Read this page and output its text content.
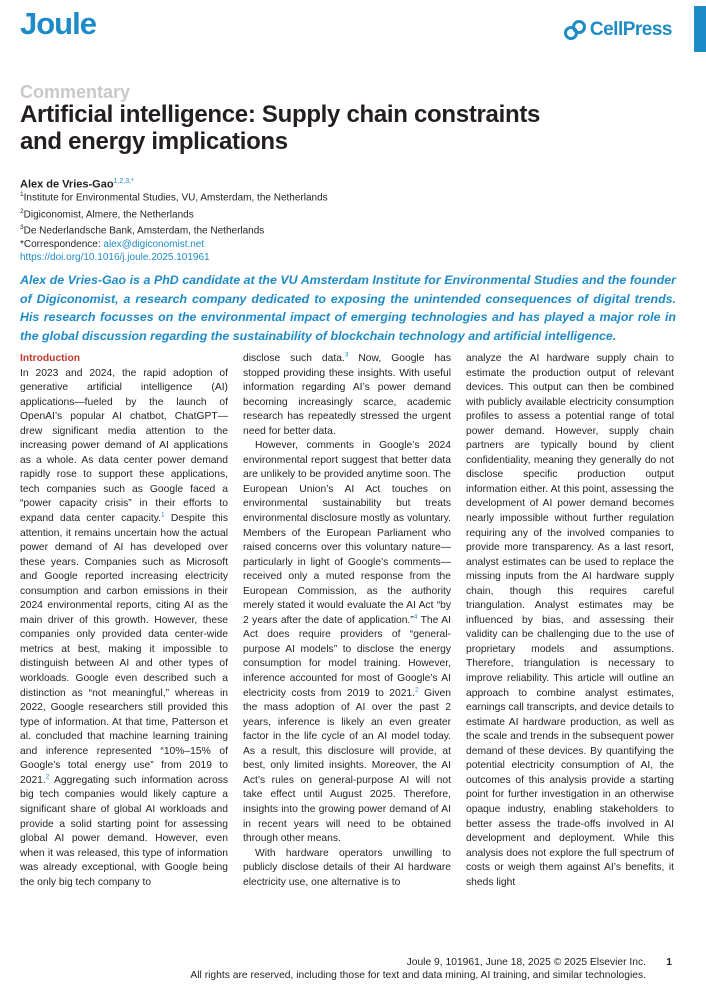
Joule	CellPress
Commentary
Artificial intelligence: Supply chain constraints and energy implications
Alex de Vries-Gao$^{1,2,3,*}$
$^1$Institute for Environmental Studies, VU, Amsterdam, the Netherlands
$^2$Digiconomist, Almere, the Netherlands
$^3$De Nederlandsche Bank, Amsterdam, the Netherlands
*Correspondence: alex@digiconomist.net
https://doi.org/10.1016/j.joule.2025.101961
Alex de Vries-Gao is a PhD candidate at the VU Amsterdam Institute for Environmental Studies and the founder of Digiconomist, a research company dedicated to exposing the unintended consequences of digital trends. His research focusses on the environmental impact of emerging technologies and has played a major role in the global discussion regarding the sustainability of blockchain technology and artificial intelligence.
Introduction

In 2023 and 2024, the rapid adoption of generative artificial intelligence (AI) applications—fueled by the launch of OpenAI’s popular AI chatbot, ChatGPT—drew significant media attention to the increasing power demand of AI applications as a whole. As data center power demand rapidly rose to support these applications, tech companies such as Google faced a “power capacity crisis” in their efforts to expand data center capacity.$^1$ Despite this attention, it remains uncertain how the actual power demand of AI has developed over these years. Companies such as Microsoft and Google reported increasing electricity consumption and carbon emissions in their 2024 environmental reports, citing AI as the main driver of this growth. However, these companies only provided data center-wide metrics at best, making it impossible to distinguish between AI and other types of workloads. Google even described such a distinction as “not meaningful,” whereas in 2022, Google researchers still provided this type of information. At that time, Patterson et al. concluded that machine learning training and inference represented “10%–15% of Google’s total energy use” from 2019 to 2021.$^2$ Aggregating such information across big tech companies would likely capture a significant share of global AI workloads and provide a solid starting point for assessing global AI power demand. However, even when it was released, this type of information was already exceptional, with Google being the only big tech company to

disclose such data.$^3$ Now, Google has stopped providing these insights. With useful information regarding AI’s power demand becoming increasingly scarce, academic research has repeatedly stressed the urgent need for better data.

However, comments in Google’s 2024 environmental report suggest that better data are unlikely to be provided anytime soon. The European Union’s AI Act touches on environmental sustainability but treats environmental disclosure mostly as voluntary. Members of the European Parliament who raised concerns over this voluntary nature—particularly in light of Google’s comments—received only a muted response from the European Commission, as the authority merely stated it would evaluate the AI Act “by 2 years after the date of application.”$^4$ The AI Act does require providers of “general-purpose AI models” to disclose the energy consumption for model training. However, inference accounted for most of Google’s AI electricity costs from 2019 to 2021.$^2$ Given the mass adoption of AI over the past 2 years, inference is likely an even greater factor in the life cycle of an AI model today. As a result, this disclosure will provide, at best, only limited insights. Moreover, the AI Act’s rules on general-purpose AI will not take effect until August 2025. Therefore, insights into the growing power demand of AI in recent years will need to be obtained through other means.

With hardware operators unwilling to publicly disclose details of their AI hardware electricity use, one alternative is to

analyze the AI hardware supply chain to estimate the production output of relevant devices. This output can then be combined with publicly available electricity consumption profiles to assess a potential range of total power demand. However, supply chain partners are typically bound by client confidentiality, meaning they generally do not disclose specific production output information either. At this point, assessing the development of AI power demand becomes nearly impossible without further regulation requiring any of the involved companies to provide more transparency. As a last resort, analyst estimates can be used to replace the missing inputs from the AI hardware supply chain, though this requires careful triangulation. Analyst estimates may be influenced by bias, and assessing their validity can be challenging due to the use of proprietary models and assumptions. Therefore, triangulation is necessary to improve reliability. This article will outline an approach to combine analyst estimates, earnings call transcripts, and device details to estimate AI hardware production, as well as the scale and trends in the subsequent power demand of these devices. By quantifying the potential electricity consumption of AI, the outcomes of this analysis provide a starting point for further investigation in an otherwise opaque industry, enabling stakeholders to better assess the trade-offs involved in AI development and deployment. While this analysis does not explore the full spectrum of costs or weigh them against AI’s benefits, it sheds light

Joule 9, 101961, June 18, 2025 © 2025 Elsevier Inc. 1
All rights are reserved, including those for text and data mining, AI training, and similar technologies.
